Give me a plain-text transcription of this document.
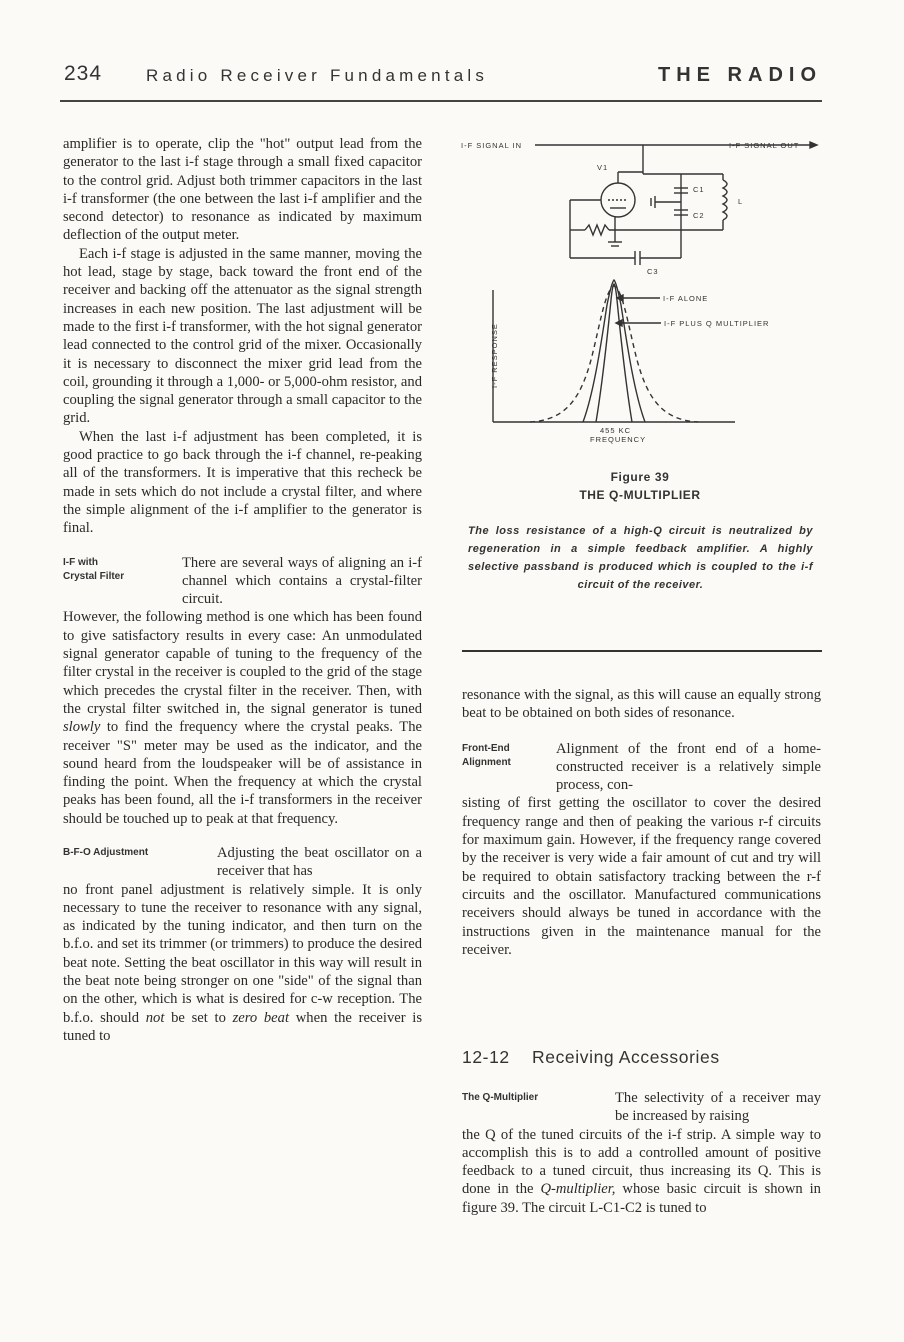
234	Radio Receiver Fundamentals	THE RADIO

amplifier is to operate, clip the "hot" output lead from the generator to the last i-f stage through a small fixed capacitor to the control grid. Adjust both trimmer capacitors in the last i-f transformer (the one between the last i-f amplifier and the second detector) to resonance as indicated by maximum deflection of the output meter.

Each i-f stage is adjusted in the same manner, moving the hot lead, stage by stage, back toward the front end of the receiver and backing off the attenuator as the signal strength increases in each new position. The last adjustment will be made to the first i-f transformer, with the hot signal generator lead connected to the control grid of the mixer. Occasionally it is necessary to disconnect the mixer grid lead from the coil, grounding it through a 1,000- or 5,000-ohm resistor, and coupling the signal generator through a small capacitor to the grid.

When the last i-f adjustment has been completed, it is good practice to go back through the i-f channel, re-peaking all of the transformers. It is imperative that this recheck be made in sets which do not include a crystal filter, and where the simple alignment of the i-f amplifier to the generator is final.

I-F with
Crystal Filter

There are several ways of aligning an i-f channel which contains a crystal-filter circuit.

However, the following method is one which has been found to give satisfactory results in every case: An unmodulated signal generator capable of tuning to the frequency of the filter crystal in the receiver is coupled to the grid of the stage which precedes the crystal filter in the receiver. Then, with the crystal filter switched in, the signal generator is tuned slowly to find the frequency where the crystal peaks. The receiver "S" meter may be used as the indicator, and the sound heard from the loudspeaker will be of assistance in finding the point. When the frequency at which the crystal peaks has been found, all the i-f transformers in the receiver should be touched up to peak at that frequency.

B-F-O Adjustment	Adjusting the beat oscillator on a receiver that has

no front panel adjustment is relatively simple. It is only necessary to tune the receiver to resonance with any signal, as indicated by the tuning indicator, and then turn on the b.f.o. and set its trimmer (or trimmers) to produce the desired beat note. Setting the beat oscillator in this way will result in the beat note being stronger on one "side" of the signal than on the other, which is what is desired for c-w reception. The b.f.o. should not be set to zero beat when the receiver is tuned to

I-F SIGNAL IN	I-F SIGNAL OUT
V1
C1
C2
C3
L
I-F ALONE
I-F PLUS Q MULTIPLIER
I-F RESPONSE
455 KC
FREQUENCY
Figure 39
THE Q-MULTIPLIER
The loss resistance of a high-Q circuit is neutralized by regeneration in a simple feedback amplifier. A highly selective passband is produced which is coupled to the i-f circuit of the receiver.

resonance with the signal, as this will cause an equally strong beat to be obtained on both sides of resonance.

Front-End
Alignment

Alignment of the front end of a home-constructed receiver is a relatively simple process, con-

sisting of first getting the oscillator to cover the desired frequency range and then of peaking the various r-f circuits for maximum gain. However, if the frequency range covered by the receiver is very wide a fair amount of cut and try will be required to obtain satisfactory tracking between the r-f circuits and the oscillator. Manufactured communications receivers should always be tuned in accordance with the instructions given in the maintenance manual for the receiver.

12-12 Receiving Accessories
The Q-Multiplier	The selectivity of a receiver may be increased by raising

the Q of the tuned circuits of the i-f strip. A simple way to accomplish this is to add a controlled amount of positive feedback to a tuned circuit, thus increasing its Q. This is done in the Q-multiplier, whose basic circuit is shown in figure 39. The circuit L-C1-C2 is tuned to
